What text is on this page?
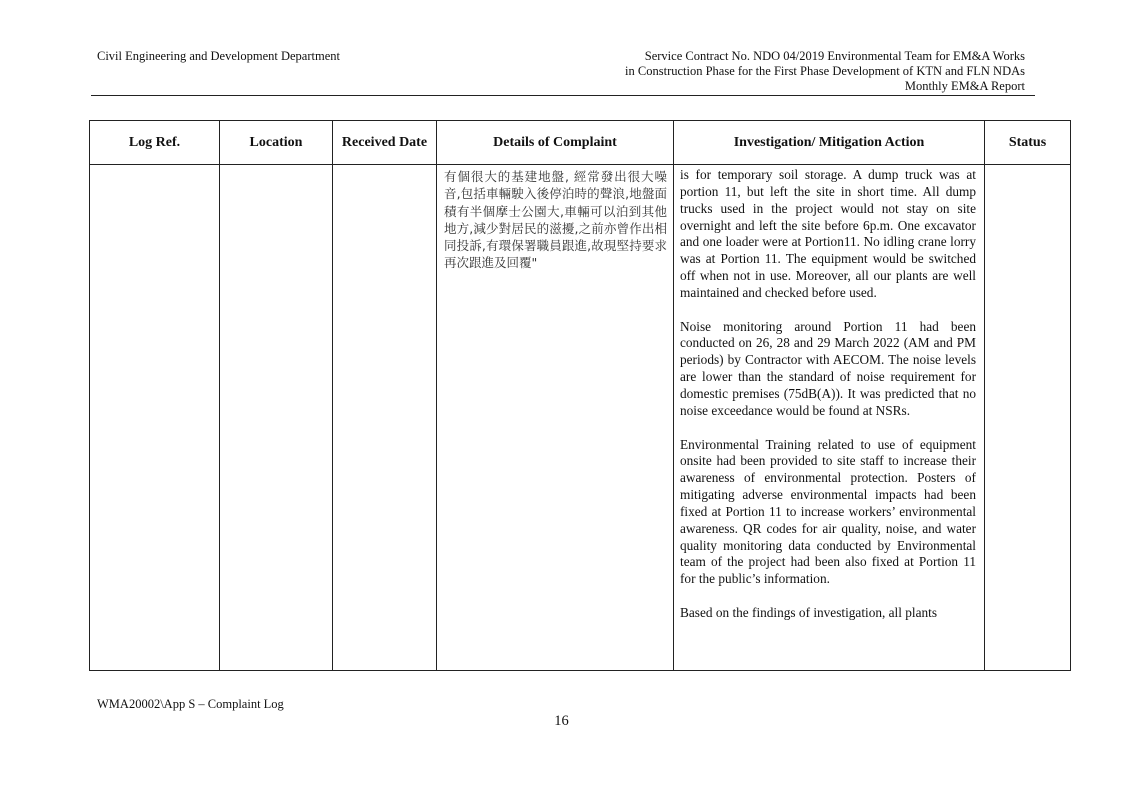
Civil Engineering and Development Department	Service Contract No. NDO 04/2019 Environmental Team for EM&A Works
in Construction Phase for the First Phase Development of KTN and FLN NDAs
Monthly EM&A Report
Log Ref.	Location	Received Date	Details of Complaint	Investigation/ Mitigation Action	Status

			有個很大的基建地盤, 經常發出很大噪音,包括車輛駛入後停泊時的聲浪,地盤面積有半個摩士公園大,車輛可以泊到其他地方,減少對居民的滋擾,之前亦曾作出相同投訴,有環保署職員跟進,故現堅持要求再次跟進及回覆"	is for temporary soil storage. A dump truck was at portion 11, but left the site in short time. All dump trucks used in the project would not stay on site overnight and left the site before 6p.m. One excavator and one loader were at Portion11. No idling crane lorry was at Portion 11. The equipment would be switched off when not in use. Moreover, all our plants are well maintained and checked before used.

Noise monitoring around Portion 11 had been conducted on 26, 28 and 29 March 2022 (AM and PM periods) by Contractor with AECOM. The noise levels are lower than the standard of noise requirement for domestic premises (75dB(A)). It was predicted that no noise exceedance would be found at NSRs.

Environmental Training related to use of equipment onsite had been provided to site staff to increase their awareness of environmental protection. Posters of mitigating adverse environmental impacts had been fixed at Portion 11 to increase workers’ environmental awareness. QR codes for air quality, noise, and water quality monitoring data conducted by Environmental team of the project had been also fixed at Portion 11 for the public’s information.

Based on the findings of investigation, all plants	

WMA20002\App S – Complaint Log
16
